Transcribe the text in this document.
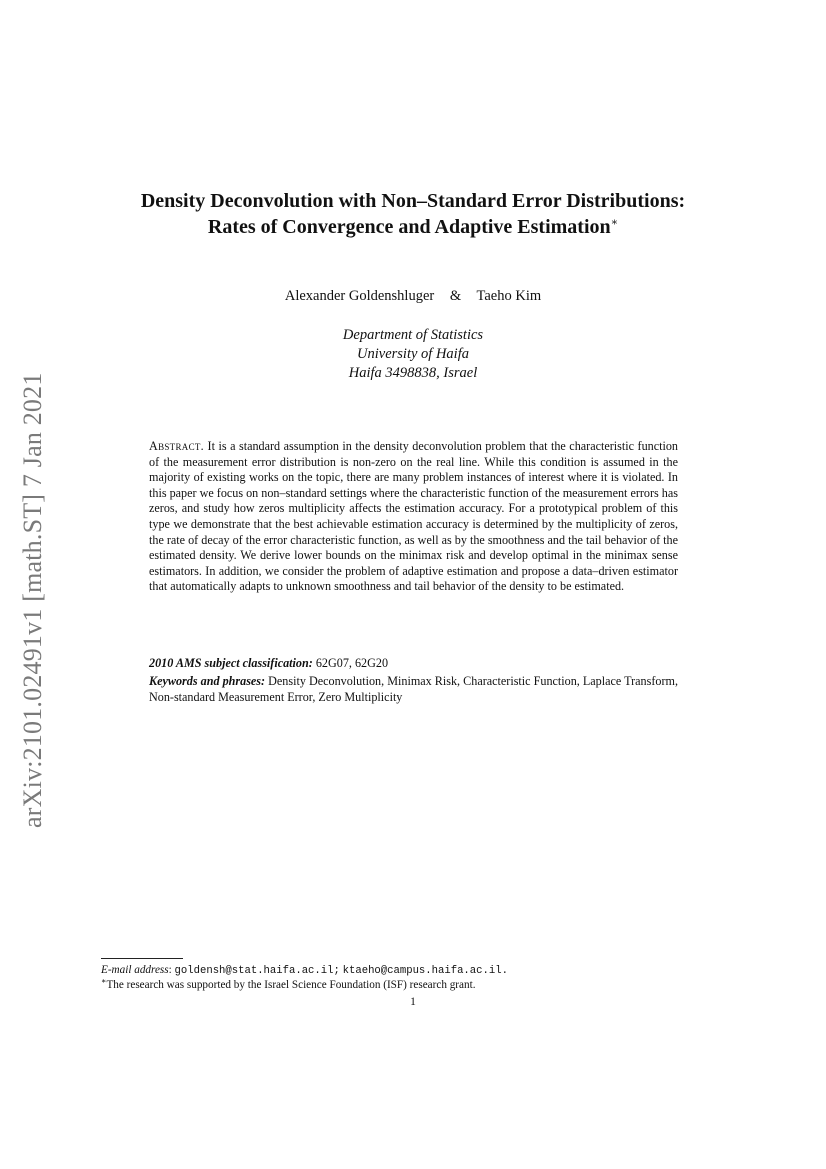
arXiv:2101.02491v1 [math.ST] 7 Jan 2021
Density Deconvolution with Non–Standard Error Distributions:
Rates of Convergence and Adaptive Estimation∗
Alexander Goldenshluger & Taeho Kim
Department of Statistics
University of Haifa
Haifa 3498838, Israel
Abstract. It is a standard assumption in the density deconvolution problem that the characteristic function of the measurement error distribution is non-zero on the real line. While this condition is assumed in the majority of existing works on the topic, there are many problem instances of interest where it is violated. In this paper we focus on non–standard settings where the characteristic function of the measurement errors has zeros, and study how zeros multiplicity affects the estimation accuracy. For a prototypical problem of this type we demonstrate that the best achievable estimation accuracy is determined by the multiplicity of zeros, the rate of decay of the error characteristic function, as well as by the smoothness and the tail behavior of the estimated density. We derive lower bounds on the minimax risk and develop optimal in the minimax sense estimators. In addition, we consider the problem of adaptive estimation and propose a data–driven estimator that automatically adapts to unknown smoothness and tail behavior of the density to be estimated.
2010 AMS subject classification: 62G07, 62G20
Keywords and phrases: Density Deconvolution, Minimax Risk, Characteristic Function, Laplace Transform, Non-standard Measurement Error, Zero Multiplicity
E-mail address: goldensh@stat.haifa.ac.il; ktaeho@campus.haifa.ac.il.
∗The research was supported by the Israel Science Foundation (ISF) research grant.
1
